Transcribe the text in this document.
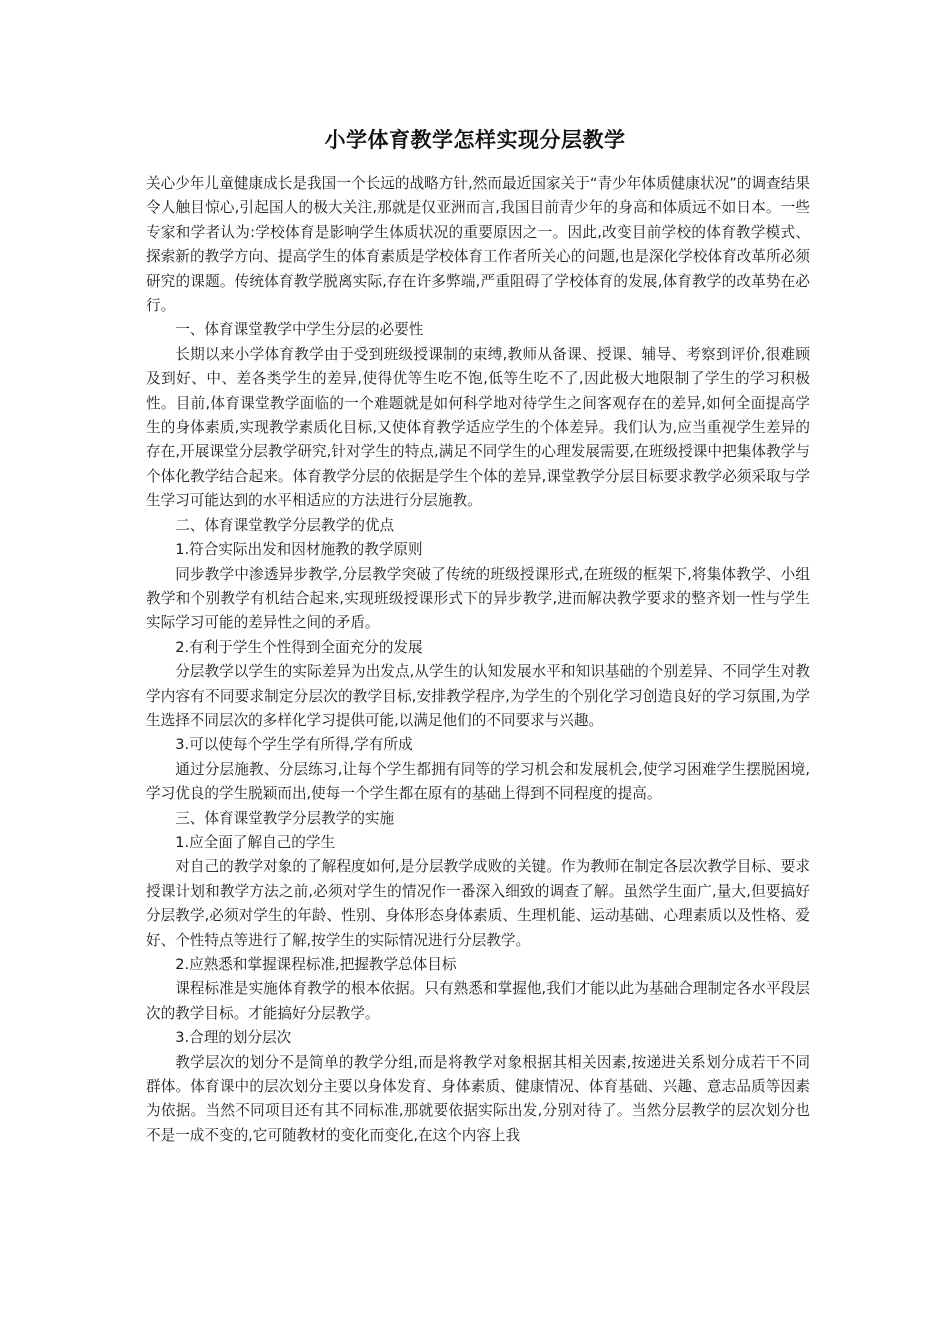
小学体育教学怎样实现分层教学

关心少年儿童健康成长是我国一个长远的战略方针,然而最近国家关于“青少年体质健康状况”的调查结果令人触目惊心,引起国人的极大关注,那就是仅亚洲而言,我国目前青少年的身高和体质远不如日本。一些专家和学者认为:学校体育是影响学生体质状况的重要原因之一。因此,改变目前学校的体育教学模式、探索新的教学方向、提高学生的体育素质是学校体育工作者所关心的问题,也是深化学校体育改革所必须研究的课题。传统体育教学脱离实际,存在许多弊端,严重阻碍了学校体育的发展,体育教学的改革势在必行。

一、体育课堂教学中学生分层的必要性

长期以来小学体育教学由于受到班级授课制的束缚,教师从备课、授课、辅导、考察到评价,很难顾及到好、中、差各类学生的差异,使得优等生吃不饱,低等生吃不了,因此极大地限制了学生的学习积极性。目前,体育课堂教学面临的一个难题就是如何科学地对待学生之间客观存在的差异,如何全面提高学生的身体素质,实现教学素质化目标,又使体育教学适应学生的个体差异。我们认为,应当重视学生差异的存在,开展课堂分层教学研究,针对学生的特点,满足不同学生的心理发展需要,在班级授课中把集体教学与个体化教学结合起来。体育教学分层的依据是学生个体的差异,课堂教学分层目标要求教学必须采取与学生学习可能达到的水平相适应的方法进行分层施教。

二、体育课堂教学分层教学的优点

1.符合实际出发和因材施教的教学原则

同步教学中渗透异步教学,分层教学突破了传统的班级授课形式,在班级的框架下,将集体教学、小组教学和个别教学有机结合起来,实现班级授课形式下的异步教学,进而解决教学要求的整齐划一性与学生实际学习可能的差异性之间的矛盾。

2.有利于学生个性得到全面充分的发展

分层教学以学生的实际差异为出发点,从学生的认知发展水平和知识基础的个别差异、不同学生对教学内容有不同要求制定分层次的教学目标,安排教学程序,为学生的个别化学习创造良好的学习氛围,为学生选择不同层次的多样化学习提供可能,以满足他们的不同要求与兴趣。

3.可以使每个学生学有所得,学有所成

通过分层施教、分层练习,让每个学生都拥有同等的学习机会和发展机会,使学习困难学生摆脱困境,学习优良的学生脱颖而出,使每一个学生都在原有的基础上得到不同程度的提高。

三、体育课堂教学分层教学的实施

1.应全面了解自己的学生

对自己的教学对象的了解程度如何,是分层教学成败的关键。作为教师在制定各层次教学目标、要求授课计划和教学方法之前,必须对学生的情况作一番深入细致的调查了解。虽然学生面广,量大,但要搞好分层教学,必须对学生的年龄、性别、身体形态身体素质、生理机能、运动基础、心理素质以及性格、爱好、个性特点等进行了解,按学生的实际情况进行分层教学。

2.应熟悉和掌握课程标准,把握教学总体目标

课程标准是实施体育教学的根本依据。只有熟悉和掌握他,我们才能以此为基础合理制定各水平段层次的教学目标。才能搞好分层教学。

3.合理的划分层次

教学层次的划分不是简单的教学分组,而是将教学对象根据其相关因素,按递进关系划分成若干不同群体。体育课中的层次划分主要以身体发育、身体素质、健康情况、体育基础、兴趣、意志品质等因素为依据。当然不同项目还有其不同标准,那就要依据实际出发,分别对待了。当然分层教学的层次划分也不是一成不变的,它可随教材的变化而变化,在这个内容上我
